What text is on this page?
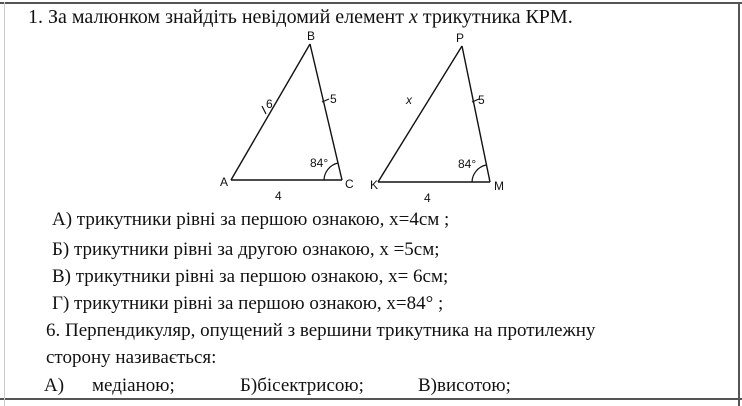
1. За малюнком знайдіть невідомий елемент x трикутника КРМ.
B
A	C
6	5
4
84°
P
K	M
x	5
4
84°
А) трикутники рівні за першою ознакою, x=4см ;
Б) трикутники рівні за другою ознакою, x =5см;
В) трикутники рівні за першою ознакою, x= 6см;
Г) трикутники рівні за першою ознакою, x=84° ;
6. Перпендикуляр, опущений з вершини трикутника на протилежну
сторону називається:
А) медіаною;	Б)бісектрисою;	В)висотою;
